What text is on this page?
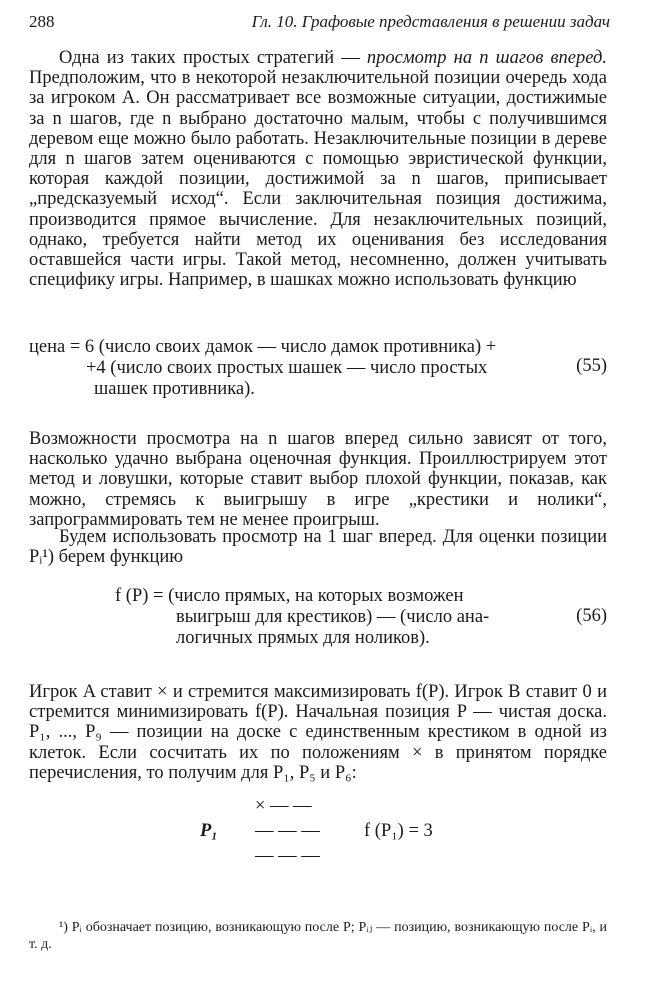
288	Гл. 10. Графовые представления в решении задач

Одна из таких простых стратегий — просмотр на n шагов вперед. Предположим, что в некоторой незаключительной позиции очередь хода за игроком A. Он рассматривает все возможные ситуации, достижимые за n шагов, где n выбрано достаточно малым, чтобы с получившимся деревом еще можно было работать. Незаключительные позиции в дереве для n шагов затем оцениваются с помощью эвристической функции, которая каждой позиции, достижимой за n шагов, приписывает „предсказуемый исход“. Если заключительная позиция достижима, производится прямое вычисление. Для незаключительных позиций, однако, требуется найти метод их оценивания без исследования оставшейся части игры. Такой метод, несомненно, должен учитывать специфику игры. Например, в шашках можно использовать функцию

цена = 6 (число своих дамок — число дамок противника) +
+4 (число своих простых шашек — число простых
шашек противника).
(55)

Возможности просмотра на n шагов вперед сильно зависят от того, насколько удачно выбрана оценочная функция. Проиллюстрируем этот метод и ловушки, которые ставит выбор плохой функции, показав, как можно, стремясь к выигрышу в игре „крестики и нолики“, запрограммировать тем не менее проигрыш.

Будем использовать просмотр на 1 шаг вперед. Для оценки позиции Pᵢ¹) берем функцию

f (P) = (число прямых, на которых возможен
выигрыш для крестиков) — (число ана-
логичных прямых для ноликов).
(56)

Игрок A ставит × и стремится максимизировать f(P). Игрок B ставит 0 и стремится минимизировать f(P). Начальная позиция P — чистая доска. P₁, ..., P₉ — позиции на доске с единственным крестиком в одной из клеток. Если сосчитать их по положениям × в принятом порядке перечисления, то получим для P₁, P₅ и P₆:

P₁
× — —
— — —
— — —
f (P₁) = 3

¹) Pᵢ обозначает позицию, возникающую после P; Pᵢⱼ — позицию, возникающую после Pᵢ, и т. д.
